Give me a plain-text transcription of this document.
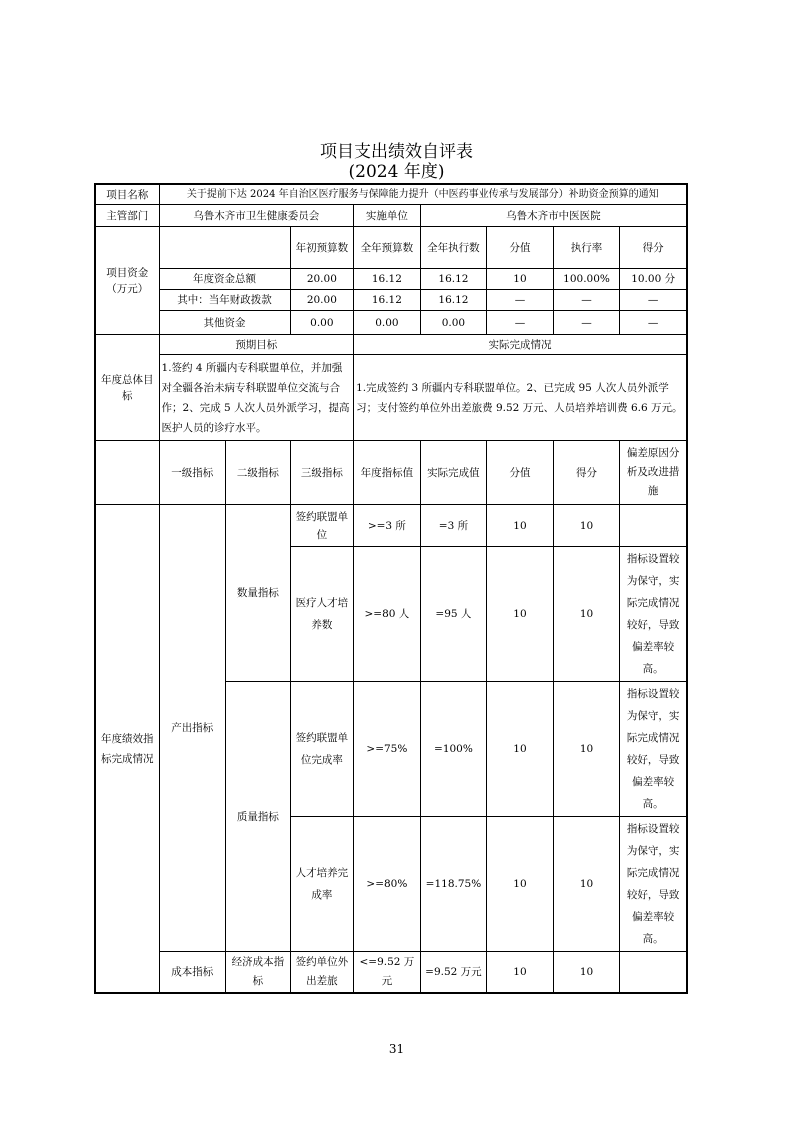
项目支出绩效自评表
(2024 年度)
项目名称	关于提前下达 2024 年自治区医疗服务与保障能力提升（中医药事业传承与发展部分）补助资金预算的通知							
主管部门	乌鲁木齐市卫生健康委员会			实施单位	乌鲁木齐市中医医院			
项目资金（万元）			年初预算数	全年预算数	全年执行数	分值	执行率	得分
	年度资金总额		20.00	16.12	16.12	10	100.00%	10.00 分
	其中：当年财政拨款		20.00	16.12	16.12	—	—	—
	其他资金		0.00	0.00	0.00	—	—	—
年度总体目标	预期目标			实际完成情况				
	1.签约 4 所疆内专科联盟单位，并加强对全疆各治未病专科联盟单位交流与合作；2、完成 5 人次人员外派学习，提高医护人员的诊疗水平。			1.完成签约 3 所疆内专科联盟单位。2、已完成 95 人次人员外派学习；支付签约单位外出差旅费 9.52 万元、人员培养培训费 6.6 万元。				
	一级指标	二级指标	三级指标	年度指标值	实际完成值	分值	得分	偏差原因分析及改进措施
年度绩效指标完成情况	产出指标	数量指标	签约联盟单位	>=3 所	=3 所	10	10	
			医疗人才培养数	>=80 人	=95 人	10	10	指标设置较为保守，实际完成情况较好，导致偏差率较高。
		质量指标	签约联盟单位完成率	>=75%	=100%	10	10	指标设置较为保守，实际完成情况较好，导致偏差率较高。
			人才培养完成率	>=80%	=118.75%	10	10	指标设置较为保守，实际完成情况较好，导致偏差率较高。
	成本指标	经济成本指标	签约单位外出差旅	<=9.52 万元	=9.52 万元	10	10	
31
